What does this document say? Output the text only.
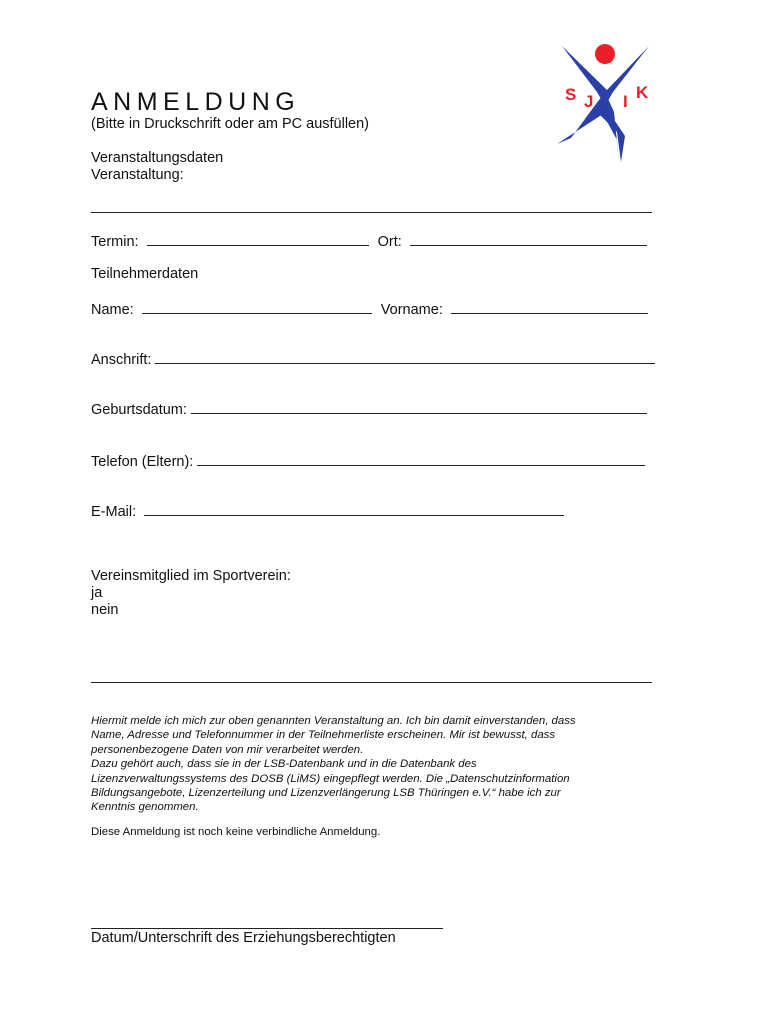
S J I K
ANMELDUNG
(Bitte in Druckschrift oder am PC ausfüllen)
Veranstaltungsdaten
Veranstaltung:
Termin:	Ort:
Teilnehmerdaten
Name:	Vorname:
Anschrift:
Geburtsdatum:
Telefon (Eltern):
E-Mail:
Vereinsmitglied im Sportverein:
ja
nein
Hiermit melde ich mich zur oben genannten Veranstaltung an. Ich bin damit einverstanden, dass
Name, Adresse und Telefonnummer in der Teilnehmerliste erscheinen. Mir ist bewusst, dass
personenbezogene Daten von mir verarbeitet werden.
Dazu gehört auch, dass sie in der LSB-Datenbank und in die Datenbank des
Lizenzverwaltungssystems des DOSB (LiMS) eingepflegt werden. Die „Datenschutzinformation
Bildungsangebote, Lizenzerteilung und Lizenzverlängerung LSB Thüringen e.V.“ habe ich zur
Kenntnis genommen.
Diese Anmeldung ist noch keine verbindliche Anmeldung.
Datum/Unterschrift des Erziehungsberechtigten
